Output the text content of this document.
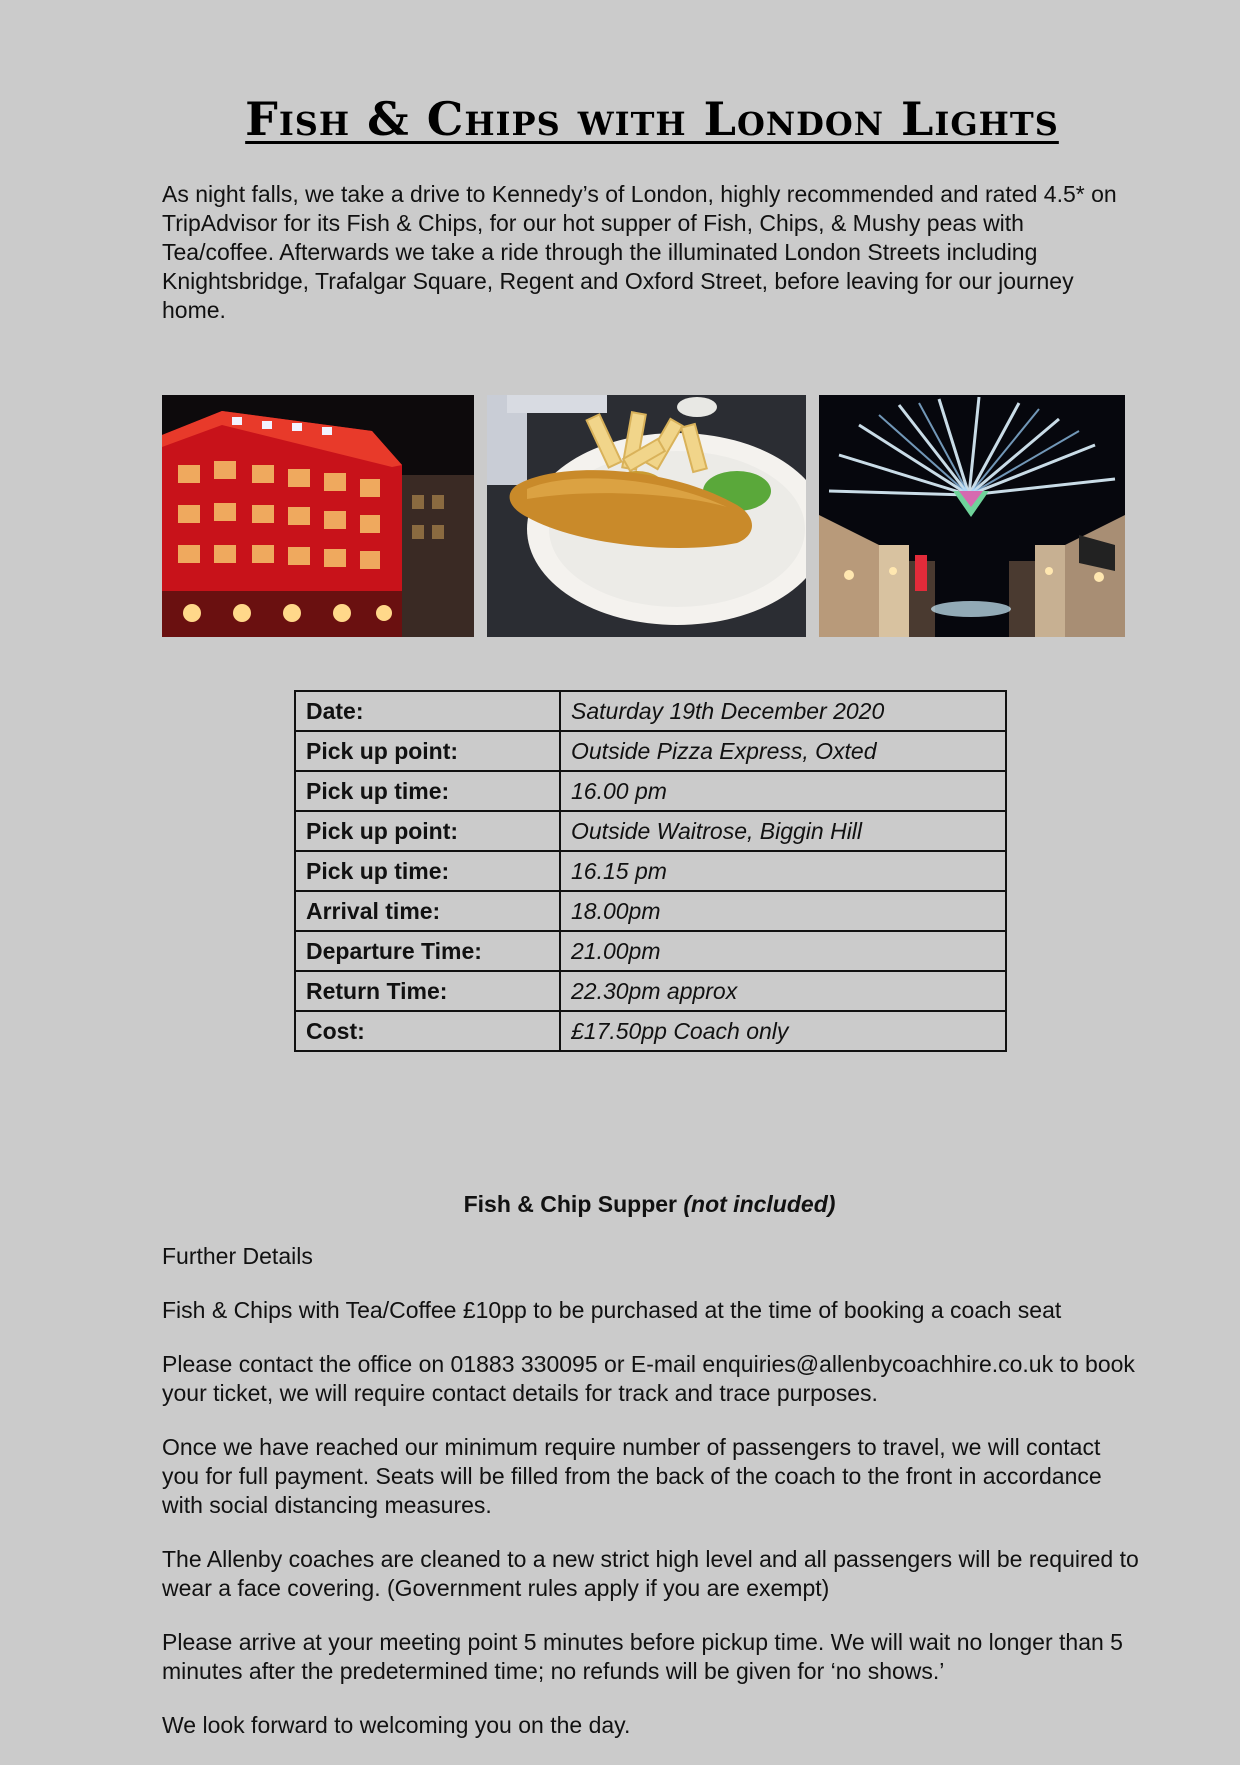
Fish & Chips with London Lights

As night falls, we take a drive to Kennedy’s of London, highly recommended and rated 4.5* on TripAdvisor for its Fish & Chips, for our hot supper of Fish, Chips, & Mushy peas with Tea/coffee. Afterwards we take a ride through the illuminated London Streets including Knightsbridge, Trafalgar Square, Regent and Oxford Street, before leaving for our journey home.

Date:	Saturday 19th December 2020
Pick up point:	Outside Pizza Express, Oxted
Pick up time:	16.00 pm
Pick up point:	Outside Waitrose, Biggin Hill
Pick up time:	16.15 pm
Arrival time:	18.00pm
Departure Time:	21.00pm
Return Time:	22.30pm approx
Cost:	£17.50pp Coach only
Fish & Chip Supper (not included)

Further Details

Fish & Chips with Tea/Coffee £10pp to be purchased at the time of booking a coach seat

Please contact the office on 01883 330095 or E-mail enquiries@allenbycoachhire.co.uk to book your ticket, we will require contact details for track and trace purposes.

Once we have reached our minimum require number of passengers to travel, we will contact you for full payment. Seats will be filled from the back of the coach to the front in accordance with social distancing measures.

The Allenby coaches are cleaned to a new strict high level and all passengers will be required to wear a face covering. (Government rules apply if you are exempt)

Please arrive at your meeting point 5 minutes before pickup time. We will wait no longer than 5 minutes after the predetermined time; no refunds will be given for ‘no shows.’

We look forward to welcoming you on the day.
